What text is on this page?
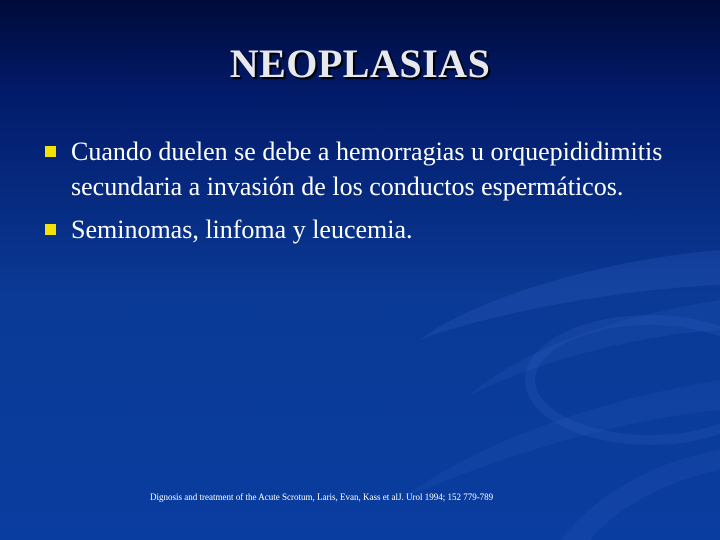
NEOPLASIAS
Cuando duelen se debe a hemorragias u orquepididimitis secundaria a invasión de los conductos espermáticos.
Seminomas, linfoma y leucemia.
Dignosis and treatment of the Acute Scrotum, Laris, Evan, Kass et alJ. Urol 1994; 152 779-789
